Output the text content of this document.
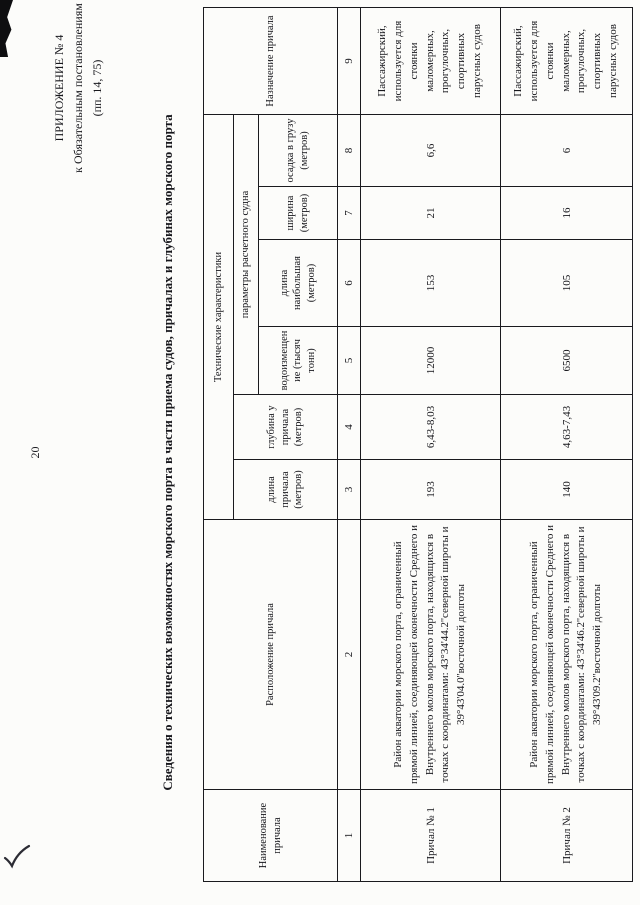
20
ПРИЛОЖЕНИЕ № 4 к Обязательным постановлениям (пп. 14, 75)
Сведения о технических возможностях морского порта в части приема судов, причалах и глубинах морского порта
Наименование причала	Расположение причала	Технические характеристики						Назначение причала
		длина причала (метров)	глубина у причала (метров)	параметры расчетного судна				
				водоизмещение (тысяч тонн)	длина наибольшая (метров)	ширина (метров)	осадка в грузу (метров)	
1	2	3	4	5	6	7	8	9
Причал № 1	Район акватории морского порта, ограниченный прямой линией, соединяющей оконечности Среднего и Внутреннего молов морского порта, находящихся в точках с координатами: 43°34'44.2''северной широты и 39°43'04.0''восточной долготы	193	6,43-8,03	12000	153	21	6,6	Пассажирский, используется для стоянки маломерных, прогулочных, спортивных парусных судов
Причал № 2	Район акватории морского порта, ограниченный прямой линией, соединяющей оконечности Среднего и Внутреннего молов морского порта, находящихся в точках с координатами: 43°34'46.2''северной широты и 39°43'09.2''восточной долготы	140	4,63-7,43	6500	105	16	6	Пассажирский, используется для стоянки маломерных, прогулочных, спортивных парусных судов
